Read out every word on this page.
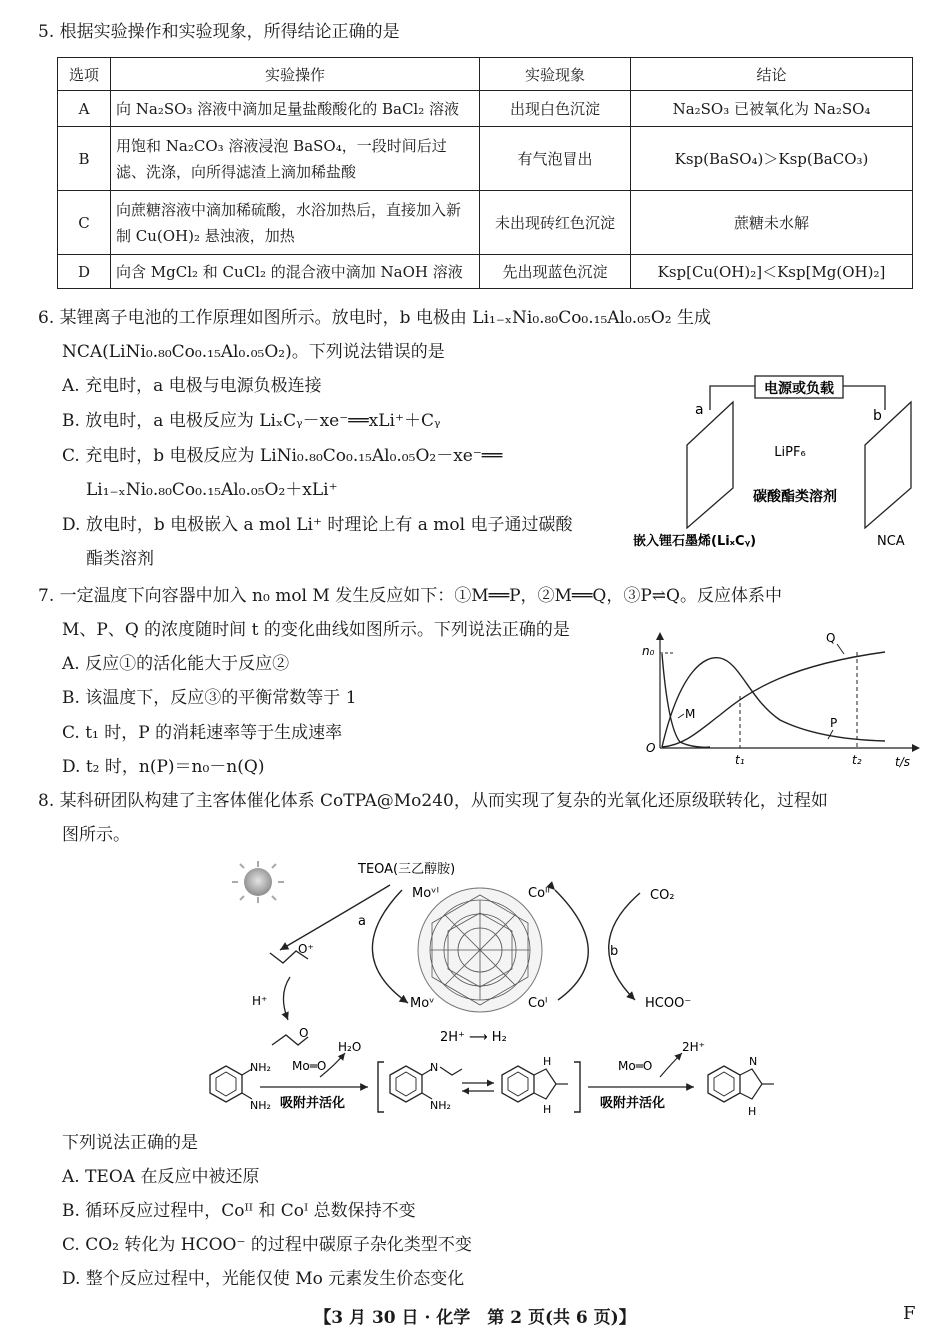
5. 根据实验操作和实验现象，所得结论正确的是
选项	实验操作	实验现象	结论
A	向 Na₂SO₃ 溶液中滴加足量盐酸酸化的 BaCl₂ 溶液	出现白色沉淀	Na₂SO₃ 已被氧化为 Na₂SO₄
B	用饱和 Na₂CO₃ 溶液浸泡 BaSO₄，一段时间后过滤、洗涤，向所得滤渣上滴加稀盐酸	有气泡冒出	Ksp(BaSO₄)＞Ksp(BaCO₃)
C	向蔗糖溶液中滴加稀硫酸，水浴加热后，直接加入新制 Cu(OH)₂ 悬浊液，加热	未出现砖红色沉淀	蔗糖未水解
D	向含 MgCl₂ 和 CuCl₂ 的混合液中滴加 NaOH 溶液	先出现蓝色沉淀	Ksp[Cu(OH)₂]＜Ksp[Mg(OH)₂]
6. 某锂离子电池的工作原理如图所示。放电时，b 电极由 Li₁₋ₓNi₀.₈₀Co₀.₁₅Al₀.₀₅O₂ 生成
NCA(LiNi₀.₈₀Co₀.₁₅Al₀.₀₅O₂)。下列说法错误的是
A. 充电时，a 电极与电源负极连接
B. 放电时，a 电极反应为 LiₓCᵧ－xe⁻══xLi⁺＋Cᵧ
C. 充电时，b 电极反应为 LiNi₀.₈₀Co₀.₁₅Al₀.₀₅O₂－xe⁻══
Li₁₋ₓNi₀.₈₀Co₀.₁₅Al₀.₀₅O₂＋xLi⁺
D. 放电时，b 电极嵌入 a mol Li⁺ 时理论上有 a mol 电子通过碳酸
酯类溶剂
电源或负载
a	b
LiPF₆
碳酸酯类溶剂
嵌入锂石墨烯(LiₓCᵧ)	NCA
7. 一定温度下向容器中加入 n₀ mol M 发生反应如下：①M══P，②M══Q，③P⇌Q。反应体系中
M、P、Q 的浓度随时间 t 的变化曲线如图所示。下列说法正确的是
A. 反应①的活化能大于反应②
B. 该温度下，反应③的平衡常数等于 1
C. t₁ 时，P 的消耗速率等于生成速率
D. t₂ 时，n(P)＝n₀－n(Q)
n₀
O
t/s
t₁	t₂
M
P
Q
8. 某科研团队构建了主客体催化体系 CoTPA@Mo240，从而实现了复杂的光氧化还原级联转化，过程如
图所示。
TEOA(三乙醇胺)
a
Moᵛᴵ
Moᵛ
Coᴵᴵ
Coᴵ
b
CO₂
HCOO⁻
O⁺
H⁺
O	2H⁺ ⟶ H₂
NH₂
NH₂
Mo═O
H₂O
吸附并活化
N
NH₂
H
H
Mo═O
2H⁺
吸附并活化
N
H
下列说法正确的是
A. TEOA 在反应中被还原
B. 循环反应过程中，Coᴵᴵ 和 Coᴵ 总数保持不变
C. CO₂ 转化为 HCOO⁻ 的过程中碳原子杂化类型不变
D. 整个反应过程中，光能仅使 Mo 元素发生价态变化
【3 月 30 日 · 化学　第 2 页(共 6 页)】	F
